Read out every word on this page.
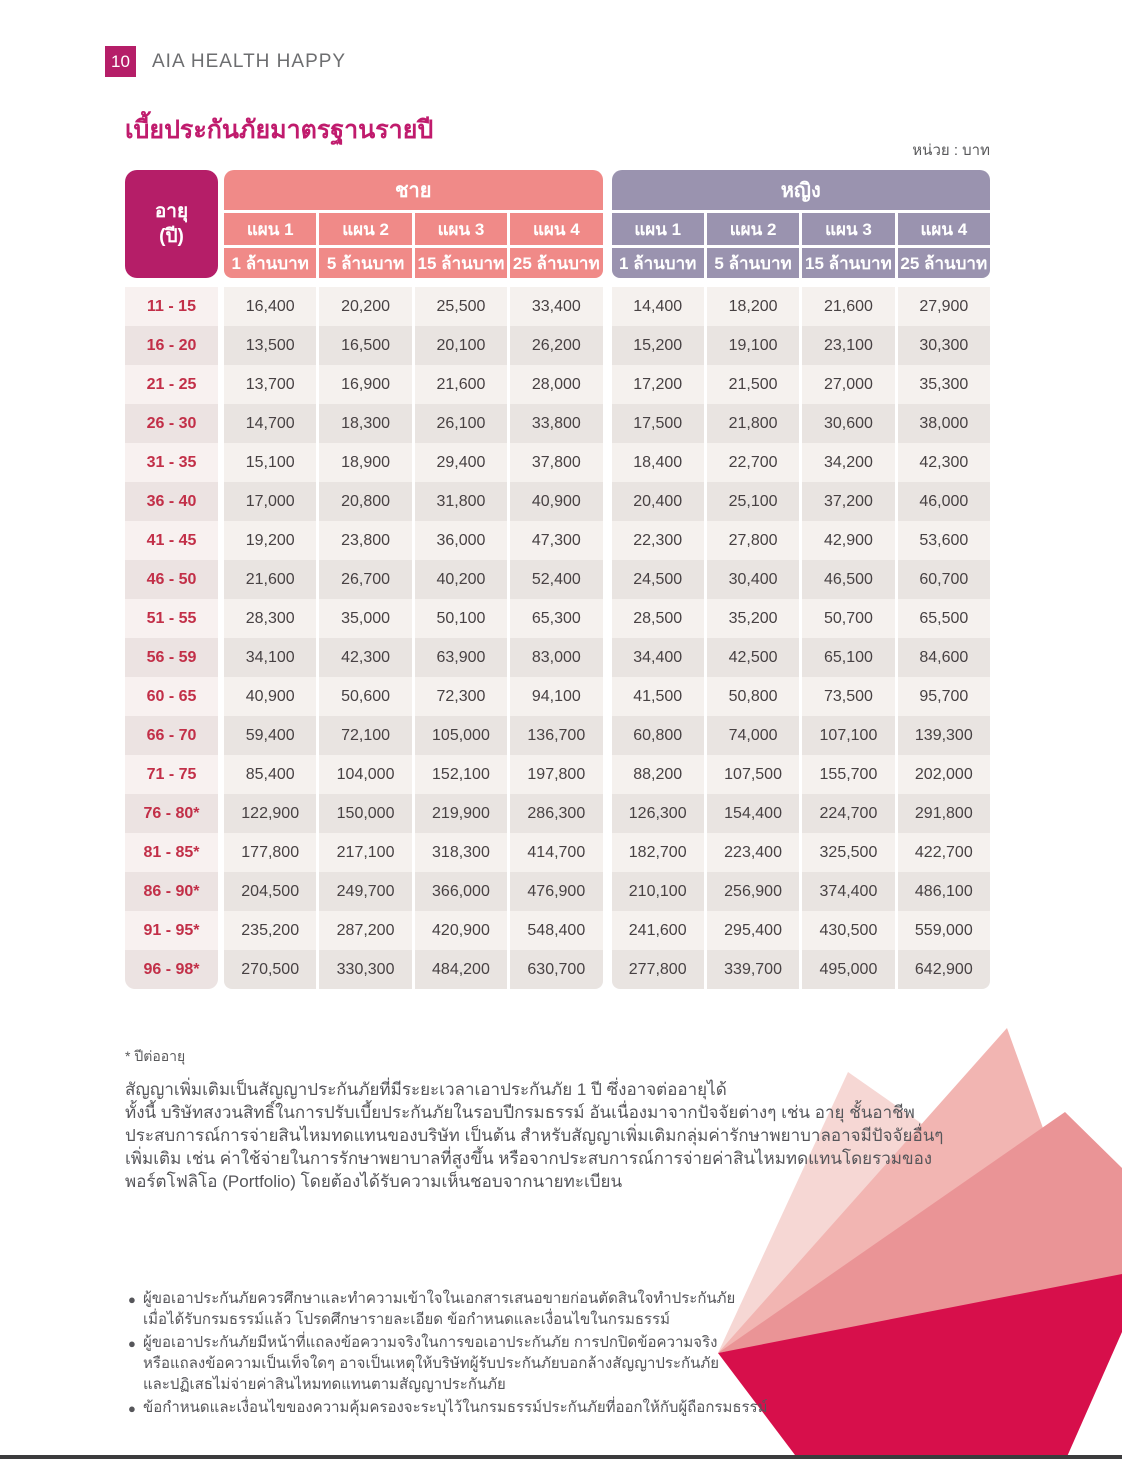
10	AIA HEALTH HAPPY
เบี้ยประกันภัยมาตรฐานรายปี
หน่วย : บาท
อายุ
(ปี)
ชาย
แผน 1	แผน 2	แผน 3	แผน 4
1 ล้านบาท	5 ล้านบาท 15 ล้านบาท 25 ล้านบาท
หญิง
แผน 1	แผน 2	แผน 3	แผน 4
1 ล้านบาท	5 ล้านบาท 15 ล้านบาท 25 ล้านบาท
11 - 15	16,400	20,200	25,500	33,400	14,400	18,200	21,600	27,900
16 - 20	13,500	16,500	20,100	26,200	15,200	19,100	23,100	30,300
21 - 25	13,700	16,900	21,600	28,000	17,200	21,500	27,000	35,300
26 - 30	14,700	18,300	26,100	33,800	17,500	21,800	30,600	38,000
31 - 35	15,100	18,900	29,400	37,800	18,400	22,700	34,200	42,300
36 - 40	17,000	20,800	31,800	40,900	20,400	25,100	37,200	46,000
41 - 45	19,200	23,800	36,000	47,300	22,300	27,800	42,900	53,600
46 - 50	21,600	26,700	40,200	52,400	24,500	30,400	46,500	60,700
51 - 55	28,300	35,000	50,100	65,300	28,500	35,200	50,700	65,500
56 - 59	34,100	42,300	63,900	83,000	34,400	42,500	65,100	84,600
60 - 65	40,900	50,600	72,300	94,100	41,500	50,800	73,500	95,700
66 - 70	59,400	72,100	105,000	136,700	60,800	74,000	107,100	139,300
71 - 75	85,400	104,000	152,100	197,800	88,200	107,500	155,700	202,000
76 - 80*	122,900	150,000	219,900	286,300	126,300	154,400	224,700	291,800
81 - 85*	177,800	217,100	318,300	414,700	182,700	223,400	325,500	422,700
86 - 90*	204,500	249,700	366,000	476,900	210,100	256,900	374,400	486,100
91 - 95*	235,200	287,200	420,900	548,400	241,600	295,400	430,500	559,000
96 - 98*	270,500	330,300	484,200	630,700	277,800	339,700	495,000	642,900
* ปีต่ออายุ
สัญญาเพิ่มเติมเป็นสัญญาประกันภัยที่มีระยะเวลาเอาประกันภัย 1 ปี ซึ่งอาจต่ออายุได้
ทั้งนี้ บริษัทสงวนสิทธิ์ในการปรับเบี้ยประกันภัยในรอบปีกรมธรรม์ อันเนื่องมาจากปัจจัยต่างๆ เช่น อายุ ชั้นอาชีพ
ประสบการณ์การจ่ายสินไหมทดแทนของบริษัท เป็นต้น สำหรับสัญญาเพิ่มเติมกลุ่มค่ารักษาพยาบาลอาจมีปัจจัยอื่นๆ
เพิ่มเติม เช่น ค่าใช้จ่ายในการรักษาพยาบาลที่สูงขึ้น หรือจากประสบการณ์การจ่ายค่าสินไหมทดแทนโดยรวมของ
พอร์ตโฟลิโอ (Portfolio) โดยต้องได้รับความเห็นชอบจากนายทะเบียน
● ผู้ขอเอาประกันภัยควรศึกษาและทำความเข้าใจในเอกสารเสนอขายก่อนตัดสินใจทำประกันภัย
เมื่อได้รับกรมธรรม์แล้ว โปรดศึกษารายละเอียด ข้อกำหนดและเงื่อนไขในกรมธรรม์
● ผู้ขอเอาประกันภัยมีหน้าที่แถลงข้อความจริงในการขอเอาประกันภัย การปกปิดข้อความจริง
หรือแถลงข้อความเป็นเท็จใดๆ อาจเป็นเหตุให้บริษัทผู้รับประกันภัยบอกล้างสัญญาประกันภัย
และปฏิเสธไม่จ่ายค่าสินไหมทดแทนตามสัญญาประกันภัย
● ข้อกำหนดและเงื่อนไขของความคุ้มครองจะระบุไว้ในกรมธรรม์ประกันภัยที่ออกให้กับผู้ถือกรมธรรม์
